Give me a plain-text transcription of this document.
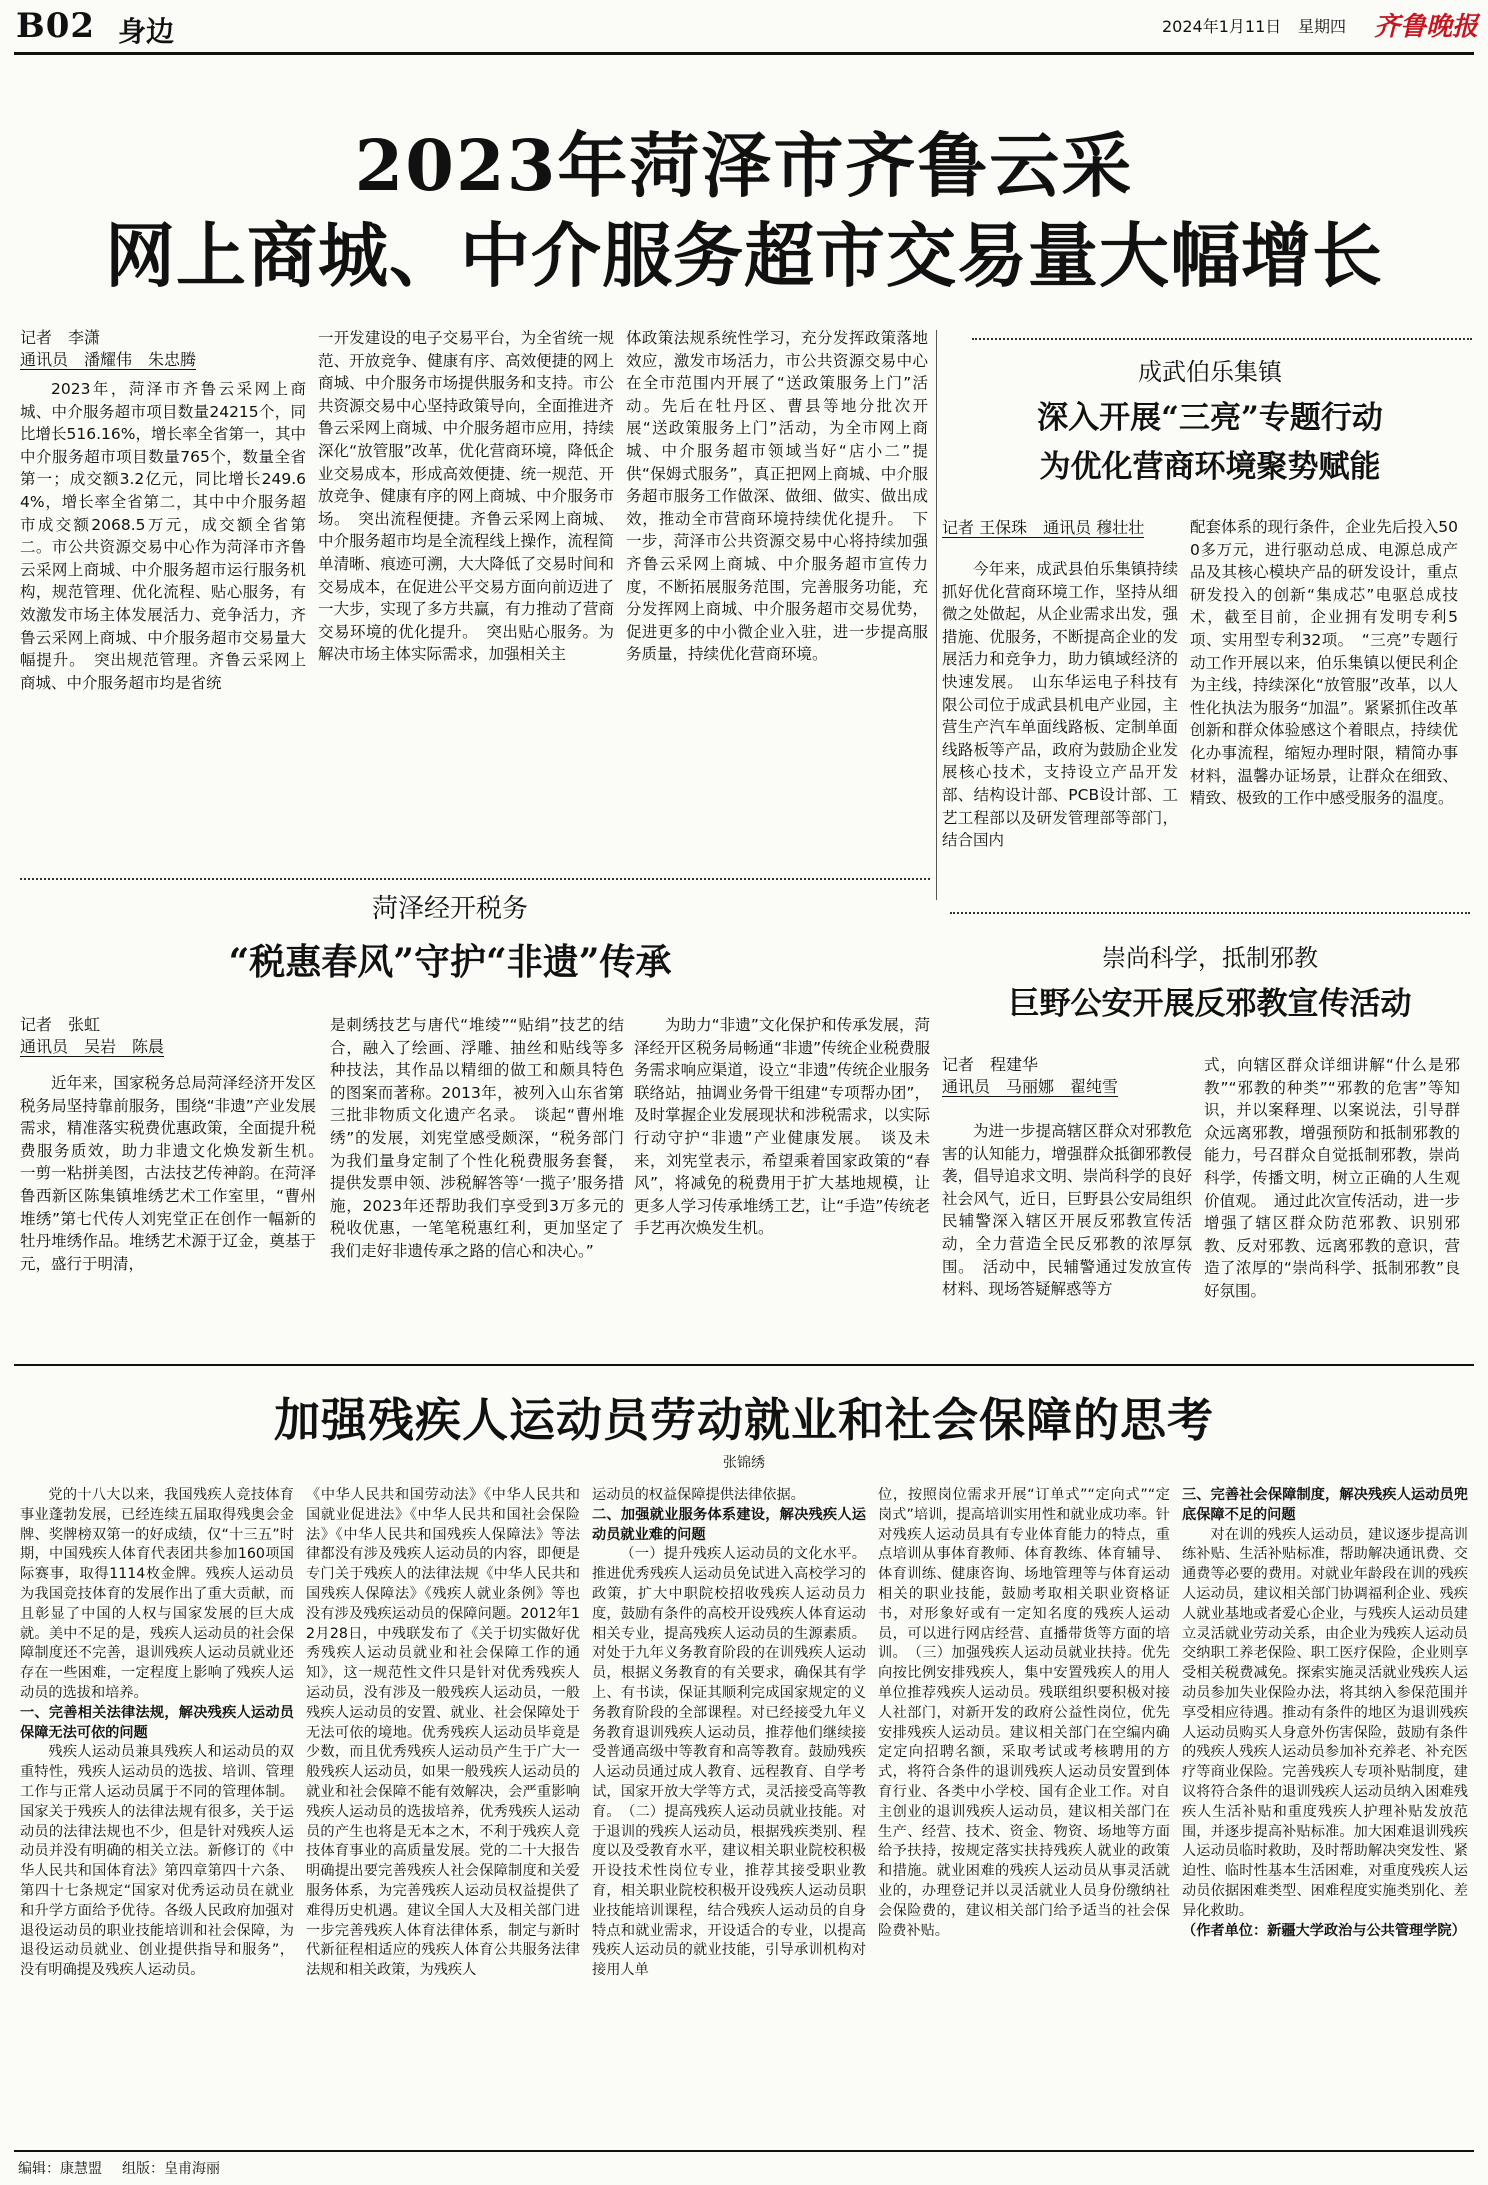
B02 身边	2024年1月11日 星期四 齐鲁晚报
2023年菏泽市齐鲁云采
网上商城、中介服务超市交易量大幅增长
记者　李潇
通讯员　潘耀伟　朱忠腾

2023年，菏泽市齐鲁云采网上商城、中介服务超市项目数量24215个，同比增长516.16%，增长率全省第一，其中中介服务超市项目数量765个，数量全省第一；成交额3.2亿元，同比增长249.64%，增长率全省第二，其中中介服务超市成交额2068.5万元，成交额全省第二。市公共资源交易中心作为菏泽市齐鲁云采网上商城、中介服务超市运行服务机构，规范管理、优化流程、贴心服务，有效激发市场主体发展活力、竞争活力，齐鲁云采网上商城、中介服务超市交易量大幅提升。　突出规范管理。齐鲁云采网上商城、中介服务超市均是省统

一开发建设的电子交易平台，为全省统一规范、开放竞争、健康有序、高效便捷的网上商城、中介服务市场提供服务和支持。市公共资源交易中心坚持政策导向，全面推进齐鲁云采网上商城、中介服务超市应用，持续深化“放管服”改革，优化营商环境，降低企业交易成本，形成高效便捷、统一规范、开放竞争、健康有序的网上商城、中介服务市场。　突出流程便捷。齐鲁云采网上商城、中介服务超市均是全流程线上操作，流程简单清晰、痕迹可溯，大大降低了交易时间和交易成本，在促进公平交易方面向前迈进了一大步，实现了多方共赢，有力推动了营商交易环境的优化提升。　突出贴心服务。为解决市场主体实际需求，加强相关主

体政策法规系统性学习，充分发挥政策落地效应，激发市场活力，市公共资源交易中心在全市范围内开展了“送政策服务上门”活动。先后在牡丹区、曹县等地分批次开展“送政策服务上门”活动，为全市网上商城、中介服务超市领域当好“店小二”提供“保姆式服务”，真正把网上商城、中介服务超市服务工作做深、做细、做实、做出成效，推动全市营商环境持续优化提升。　下一步，菏泽市公共资源交易中心将持续加强齐鲁云采网上商城、中介服务超市宣传力度，不断拓展服务范围，完善服务功能，充分发挥网上商城、中介服务超市交易优势，促进更多的中小微企业入驻，进一步提高服务质量，持续优化营商环境。

成武伯乐集镇
深入开展“三亮”专题行动
为优化营商环境聚势赋能
记者 王保珠　通讯员 穆壮壮

今年来，成武县伯乐集镇持续抓好优化营商环境工作，坚持从细微之处做起，从企业需求出发，强措施、优服务，不断提高企业的发展活力和竞争力，助力镇域经济的快速发展。　山东华运电子科技有限公司位于成武县机电产业园，主营生产汽车单面线路板、定制单面线路板等产品，政府为鼓励企业发展核心技术，支持设立产品开发部、结构设计部、PCB设计部、工艺工程部以及研发管理部等部门，结合国内

配套体系的现行条件，企业先后投入500多万元，进行驱动总成、电源总成产品及其核心模块产品的研发设计，重点研发投入的创新“集成芯”电驱总成技术，截至目前，企业拥有发明专利5项、实用型专利32项。　“三亮”专题行动工作开展以来，伯乐集镇以便民利企为主线，持续深化“放管服”改革，以人性化执法为服务“加温”。紧紧抓住改革创新和群众体验感这个着眼点，持续优化办事流程，缩短办理时限，精简办事材料，温馨办证场景，让群众在细致、精致、极致的工作中感受服务的温度。

菏泽经开税务
“税惠春风”守护“非遗”传承
记者　张虹
通讯员　吴岩　陈晨

近年来，国家税务总局菏泽经济开发区税务局坚持靠前服务，围绕“非遗”产业发展需求，精准落实税费优惠政策，全面提升税费服务质效，助力非遗文化焕发新生机。　一剪一粘拼美图，古法技艺传神韵。在菏泽鲁西新区陈集镇堆绣艺术工作室里，“曹州堆绣”第七代传人刘宪堂正在创作一幅新的牡丹堆绣作品。堆绣艺术源于辽金，奠基于元，盛行于明清，

是刺绣技艺与唐代“堆绫”“贴绢”技艺的结合，融入了绘画、浮雕、抽丝和贴线等多种技法，其作品以精细的做工和颇具特色的图案而著称。2013年，被列入山东省第三批非物质文化遗产名录。　谈起“曹州堆绣”的发展，刘宪堂感受颇深，“税务部门为我们量身定制了个性化税费服务套餐，提供发票申领、涉税解答等‘一揽子’服务措施，2023年还帮助我们享受到3万多元的税收优惠，一笔笔税惠红利，更加坚定了我们走好非遗传承之路的信心和决心。”

为助力“非遗”文化保护和传承发展，菏泽经开区税务局畅通“非遗”传统企业税费服务需求响应渠道，设立“非遗”传统企业服务联络站，抽调业务骨干组建“专项帮办团”，及时掌握企业发展现状和涉税需求，以实际行动守护“非遗”产业健康发展。　谈及未来，刘宪堂表示，希望乘着国家政策的“春风”，将减免的税费用于扩大基地规模，让更多人学习传承堆绣工艺，让“手造”传统老手艺再次焕发生机。

崇尚科学，抵制邪教
巨野公安开展反邪教宣传活动
记者　程建华
通讯员　马丽娜　翟纯雪

为进一步提高辖区群众对邪教危害的认知能力，增强群众抵御邪教侵袭，倡导追求文明、崇尚科学的良好社会风气，近日，巨野县公安局组织民辅警深入辖区开展反邪教宣传活动，全力营造全民反邪教的浓厚氛围。　活动中，民辅警通过发放宣传材料、现场答疑解惑等方

式，向辖区群众详细讲解“什么是邪教”“邪教的种类”“邪教的危害”等知识，并以案释理、以案说法，引导群众远离邪教，增强预防和抵制邪教的能力，号召群众自觉抵制邪教，崇尚科学，传播文明，树立正确的人生观价值观。　通过此次宣传活动，进一步增强了辖区群众防范邪教、识别邪教、反对邪教、远离邪教的意识，营造了浓厚的“崇尚科学、抵制邪教”良好氛围。

加强残疾人运动员劳动就业和社会保障的思考
张锦绣

党的十八大以来，我国残疾人竞技体育事业蓬勃发展，已经连续五届取得残奥会金牌、奖牌榜双第一的好成绩，仅“十三五”时期，中国残疾人体育代表团共参加160项国际赛事，取得1114枚金牌。残疾人运动员为我国竞技体育的发展作出了重大贡献，而且彰显了中国的人权与国家发展的巨大成就。美中不足的是，残疾人运动员的社会保障制度还不完善，退训残疾人运动员就业还存在一些困难，一定程度上影响了残疾人运动员的选拔和培养。

一、完善相关法律法规，解决残疾人运动员保障无法可依的问题

残疾人运动员兼具残疾人和运动员的双重特性，残疾人运动员的选拔、培训、管理工作与正常人运动员属于不同的管理体制。国家关于残疾人的法律法规有很多，关于运动员的法律法规也不少，但是针对残疾人运动员并没有明确的相关立法。新修订的《中华人民共和国体育法》第四章第四十六条、第四十七条规定“国家对优秀运动员在就业和升学方面给予优待。各级人民政府加强对退役运动员的职业技能培训和社会保障，为退役运动员就业、创业提供指导和服务”，没有明确提及残疾人运动员。

《中华人民共和国劳动法》《中华人民共和国就业促进法》《中华人民共和国社会保险法》《中华人民共和国残疾人保障法》等法律都没有涉及残疾人运动员的内容，即便是专门关于残疾人的法律法规《中华人民共和国残疾人保障法》《残疾人就业条例》等也没有涉及残疾运动员的保障问题。2012年12月28日，中残联发布了《关于切实做好优秀残疾人运动员就业和社会保障工作的通知》，这一规范性文件只是针对优秀残疾人运动员，没有涉及一般残疾人运动员，一般残疾人运动员的安置、就业、社会保障处于无法可依的境地。优秀残疾人运动员毕竟是少数，而且优秀残疾人运动员产生于广大一般残疾人运动员，如果一般残疾人运动员的就业和社会保障不能有效解决，会严重影响残疾人运动员的选拔培养，优秀残疾人运动员的产生也将是无本之木，不利于残疾人竞技体育事业的高质量发展。党的二十大报告明确提出要完善残疾人社会保障制度和关爱服务体系，为完善残疾人运动员权益提供了难得历史机遇。建议全国人大及相关部门进一步完善残疾人体育法律体系，制定与新时代新征程相适应的残疾人体育公共服务法律法规和相关政策，为残疾人

运动员的权益保障提供法律依据。

二、加强就业服务体系建设，解决残疾人运动员就业难的问题

（一）提升残疾人运动员的文化水平。推进优秀残疾人运动员免试进入高校学习的政策，扩大中职院校招收残疾人运动员力度，鼓励有条件的高校开设残疾人体育运动相关专业，提高残疾人运动员的生源素质。对处于九年义务教育阶段的在训残疾人运动员，根据义务教育的有关要求，确保其有学上、有书读，保证其顺利完成国家规定的义务教育阶段的全部课程。对已经接受九年义务教育退训残疾人运动员，推荐他们继续接受普通高级中等教育和高等教育。鼓励残疾人运动员通过成人教育、远程教育、自学考试，国家开放大学等方式，灵活接受高等教育。　（二）提高残疾人运动员就业技能。对于退训的残疾人运动员，根据残疾类别、程度以及受教育水平，建议相关职业院校积极开设技术性岗位专业，推荐其接受职业教育，相关职业院校积极开设残疾人运动员职业技能培训课程，结合残疾人运动员的自身特点和就业需求，开设适合的专业，以提高残疾人运动员的就业技能，引导承训机构对接用人单

位，按照岗位需求开展“订单式”“定向式”“定岗式”培训，提高培训实用性和就业成功率。针对残疾人运动员具有专业体育能力的特点，重点培训从事体育教师、体育教练、体育辅导、体育训练、健康咨询、场地管理等与体育运动相关的职业技能，鼓励考取相关职业资格证书，对形象好或有一定知名度的残疾人运动员，可以进行网店经营、直播带货等方面的培训。　（三）加强残疾人运动员就业扶持。优先向按比例安排残疾人，集中安置残疾人的用人单位推荐残疾人运动员。残联组织要积极对接人社部门，对新开发的政府公益性岗位，优先安排残疾人运动员。建议相关部门在空编内确定定向招聘名额，采取考试或考核聘用的方式，将符合条件的退训残疾人运动员安置到体育行业、各类中小学校、国有企业工作。对自主创业的退训残疾人运动员，建议相关部门在生产、经营、技术、资金、物资、场地等方面给予扶持，按规定落实扶持残疾人就业的政策和措施。就业困难的残疾人运动员从事灵活就业的，办理登记并以灵活就业人员身份缴纳社会保险费的，建议相关部门给予适当的社会保险费补贴。

三、完善社会保障制度，解决残疾人运动员兜底保障不足的问题

对在训的残疾人运动员，建议逐步提高训练补贴、生活补贴标准，帮助解决通讯费、交通费等必要的费用。对就业年龄段在训的残疾人运动员，建议相关部门协调福利企业、残疾人就业基地或者爱心企业，与残疾人运动员建立灵活就业劳动关系，由企业为残疾人运动员交纳职工养老保险、职工医疗保险，企业则享受相关税费减免。探索实施灵活就业残疾人运动员参加失业保险办法，将其纳入参保范围并享受相应待遇。推动有条件的地区为退训残疾人运动员购买人身意外伤害保险，鼓励有条件的残疾人残疾人运动员参加补充养老、补充医疗等商业保险。完善残疾人专项补贴制度，建议将符合条件的退训残疾人运动员纳入困难残疾人生活补贴和重度残疾人护理补贴发放范围，并逐步提高补贴标准。加大困难退训残疾人运动员临时救助，及时帮助解决突发性、紧迫性、临时性基本生活困难，对重度残疾人运动员依据困难类型、困难程度实施类别化、差异化救助。

（作者单位：新疆大学政治与公共管理学院）

编辑：康慧盟 组版：皇甫海丽
